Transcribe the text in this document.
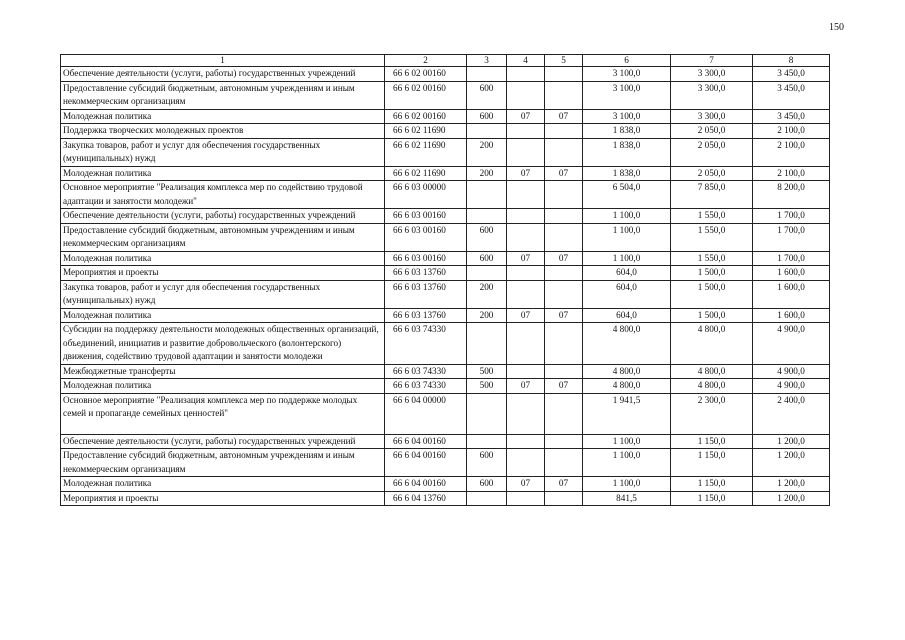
150
1	2	3	4	5	6	7	8
Обеспечение деятельности (услуги, работы) государственных учреждений	66 6 02 00160				3 100,0	3 300,0	3 450,0
Предоставление субсидий бюджетным, автономным учреждениям и иным некоммерческим организациям	66 6 02 00160	600			3 100,0	3 300,0	3 450,0
Молодежная политика	66 6 02 00160	600	07	07	3 100,0	3 300,0	3 450,0
Поддержка творческих молодежных проектов	66 6 02 11690				1 838,0	2 050,0	2 100,0
Закупка товаров, работ и услуг для обеспечения государственных (муниципальных) нужд	66 6 02 11690	200			1 838,0	2 050,0	2 100,0
Молодежная политика	66 6 02 11690	200	07	07	1 838,0	2 050,0	2 100,0
Основное мероприятие "Реализация комплекса мер по содействию трудовой адаптации и занятости молодежи"	66 6 03 00000				6 504,0	7 850,0	8 200,0
Обеспечение деятельности (услуги, работы) государственных учреждений	66 6 03 00160				1 100,0	1 550,0	1 700,0
Предоставление субсидий бюджетным, автономным учреждениям и иным некоммерческим организациям	66 6 03 00160	600			1 100,0	1 550,0	1 700,0
Молодежная политика	66 6 03 00160	600	07	07	1 100,0	1 550,0	1 700,0
Мероприятия и проекты	66 6 03 13760				604,0	1 500,0	1 600,0
Закупка товаров, работ и услуг для обеспечения государственных (муниципальных) нужд	66 6 03 13760	200			604,0	1 500,0	1 600,0
Молодежная политика	66 6 03 13760	200	07	07	604,0	1 500,0	1 600,0
Субсидии на поддержку деятельности молодежных общественных организаций, объединений, инициатив и развитие добровольческого (волонтерского) движения, содействию трудовой адаптации и занятости молодежи	66 6 03 74330				4 800,0	4 800,0	4 900,0
Межбюджетные трансферты	66 6 03 74330	500			4 800,0	4 800,0	4 900,0
Молодежная политика	66 6 03 74330	500	07	07	4 800,0	4 800,0	4 900,0
Основное мероприятие "Реализация комплекса мер по поддержке молодых семей и пропаганде семейных ценностей"	66 6 04 00000				1 941,5	2 300,0	2 400,0
Обеспечение деятельности (услуги, работы) государственных учреждений	66 6 04 00160				1 100,0	1 150,0	1 200,0
Предоставление субсидий бюджетным, автономным учреждениям и иным некоммерческим организациям	66 6 04 00160	600			1 100,0	1 150,0	1 200,0
Молодежная политика	66 6 04 00160	600	07	07	1 100,0	1 150,0	1 200,0
Мероприятия и проекты	66 6 04 13760				841,5	1 150,0	1 200,0
